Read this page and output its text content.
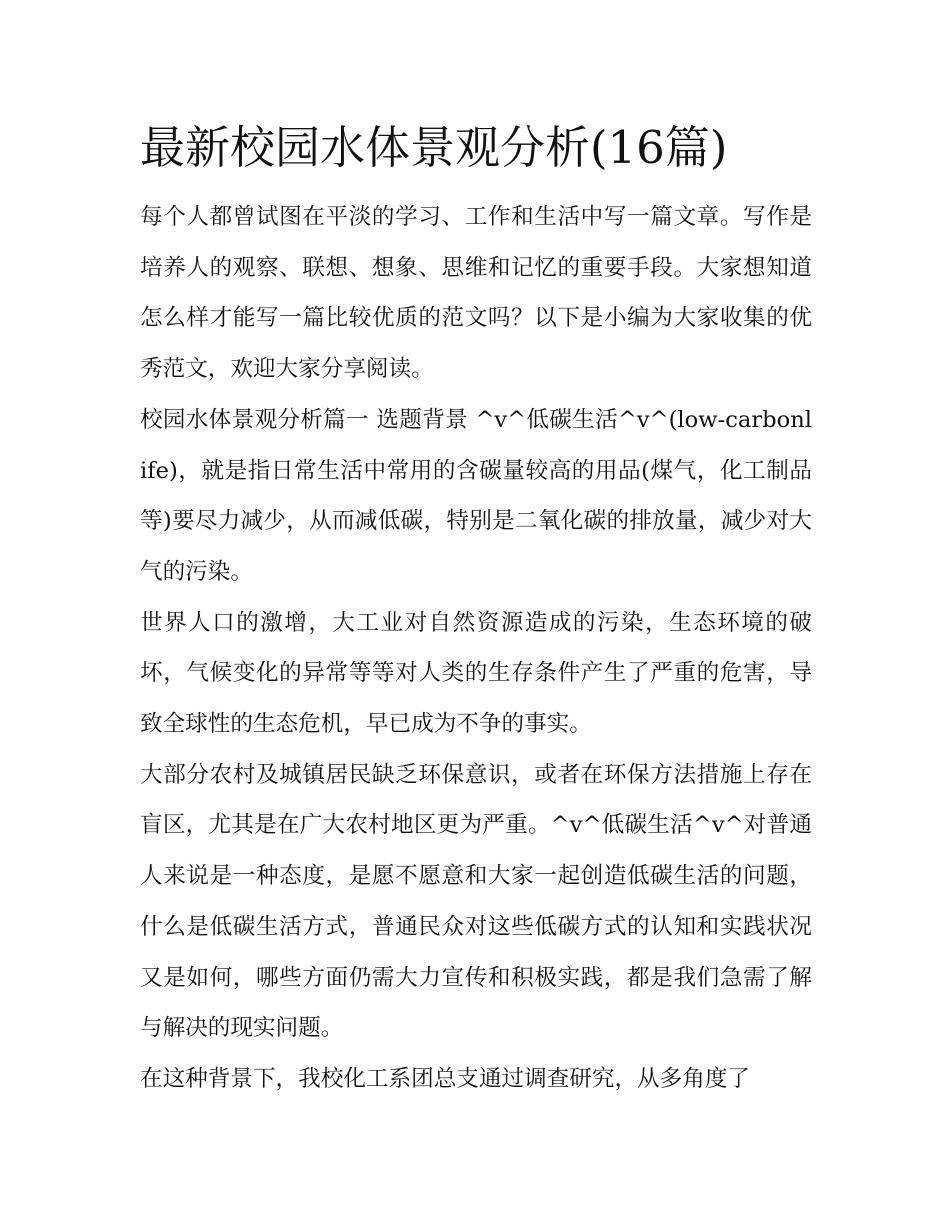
最新校园水体景观分析(16篇)

每个人都曾试图在平淡的学习、工作和生活中写一篇文章。写作是培养人的观察、联想、想象、思维和记忆的重要手段。大家想知道怎么样才能写一篇比较优质的范文吗？以下是小编为大家收集的优秀范文，欢迎大家分享阅读。

校园水体景观分析篇一 选题背景 ^v^低碳生活^v^(low-carbonlife)，就是指日常生活中常用的含碳量较高的用品(煤气，化工制品等)要尽力减少，从而减低碳，特别是二氧化碳的排放量，减少对大气的污染。

世界人口的激增，大工业对自然资源造成的污染，生态环境的破坏，气候变化的异常等等对人类的生存条件产生了严重的危害，导致全球性的生态危机，早已成为不争的事实。

大部分农村及城镇居民缺乏环保意识，或者在环保方法措施上存在盲区，尤其是在广大农村地区更为严重。^v^低碳生活^v^对普通人来说是一种态度，是愿不愿意和大家一起创造低碳生活的问题，什么是低碳生活方式，普通民众对这些低碳方式的认知和实践状况又是如何，哪些方面仍需大力宣传和积极实践，都是我们急需了解与解决的现实问题。

在这种背景下，我校化工系团总支通过调查研究，从多角度了
